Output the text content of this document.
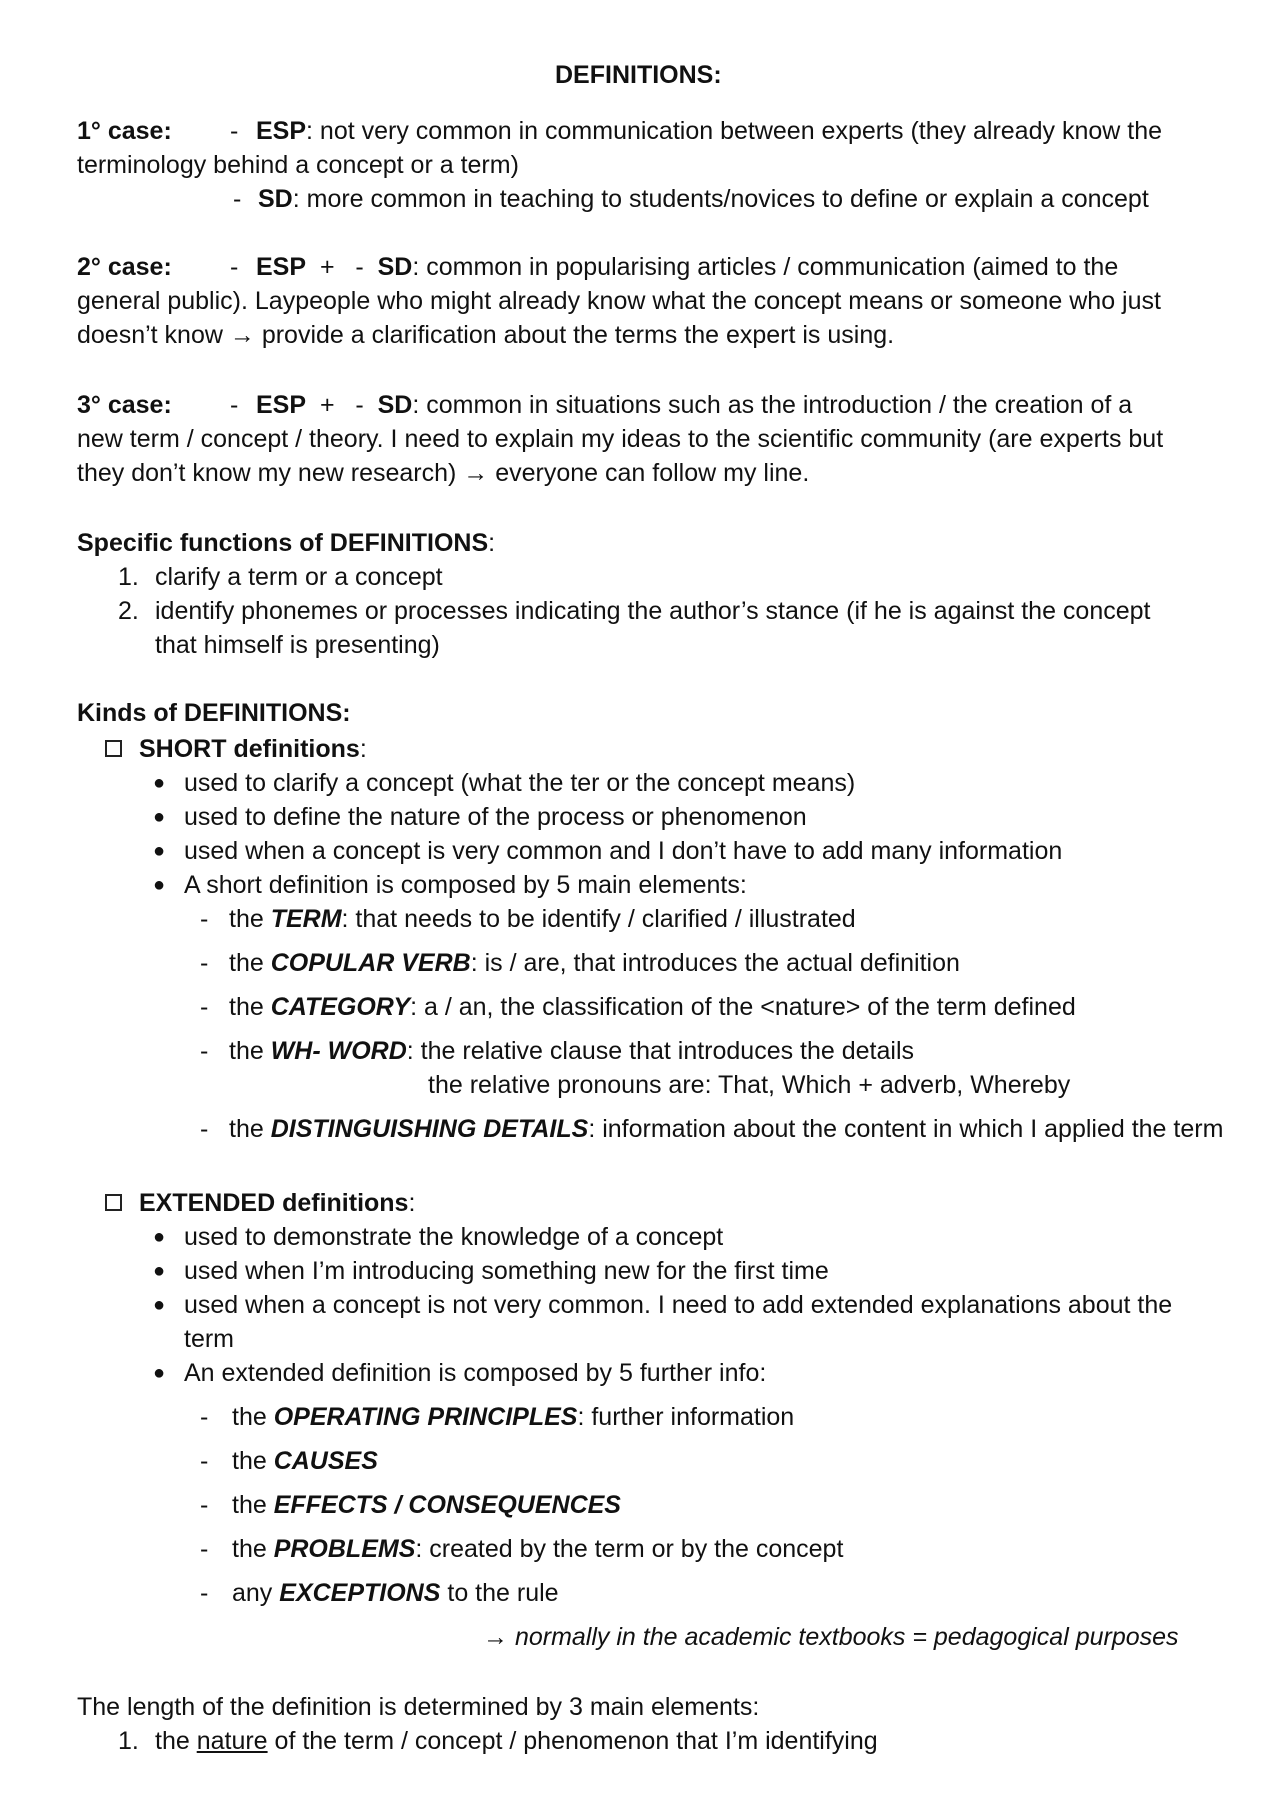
DEFINITIONS:
1° case: - ESP: not very common in communication between experts (they already know the
terminology behind a concept or a term)
- SD: more common in teaching to students/novices to define or explain a concept
2° case: - ESP + - SD: common in popularising articles / communication (aimed to the
general public). Laypeople who might already know what the concept means or someone who just
doesn’t know → provide a clarification about the terms the expert is using.
3° case: - ESP + - SD: common in situations such as the introduction / the creation of a
new term / concept / theory. I need to explain my ideas to the scientific community (are experts but
they don’t know my new research) → everyone can follow my line.
Specific functions of DEFINITIONS:
1. clarify a term or a concept
2. identify phonemes or processes indicating the author’s stance (if he is against the concept
that himself is presenting)
Kinds of DEFINITIONS:
SHORT definitions:
● used to clarify a concept (what the ter or the concept means)
● used to define the nature of the process or phenomenon
● used when a concept is very common and I don’t have to add many information
● A short definition is composed by 5 main elements:
- the TERM: that needs to be identify / clarified / illustrated
- the COPULAR VERB: is / are, that introduces the actual definition
- the CATEGORY: a / an, the classification of the <nature> of the term defined
- the WH- WORD: the relative clause that introduces the details
the relative pronouns are: That, Which + adverb, Whereby
- the DISTINGUISHING DETAILS: information about the content in which I applied the term
EXTENDED definitions:
● used to demonstrate the knowledge of a concept
● used when I’m introducing something new for the first time
● used when a concept is not very common. I need to add extended explanations about the
term
● An extended definition is composed by 5 further info:
- the OPERATING PRINCIPLES: further information
- the CAUSES
- the EFFECTS / CONSEQUENCES
- the PROBLEMS: created by the term or by the concept
- any EXCEPTIONS to the rule
→ normally in the academic textbooks = pedagogical purposes
The length of the definition is determined by 3 main elements:
1. the nature of the term / concept / phenomenon that I’m identifying
